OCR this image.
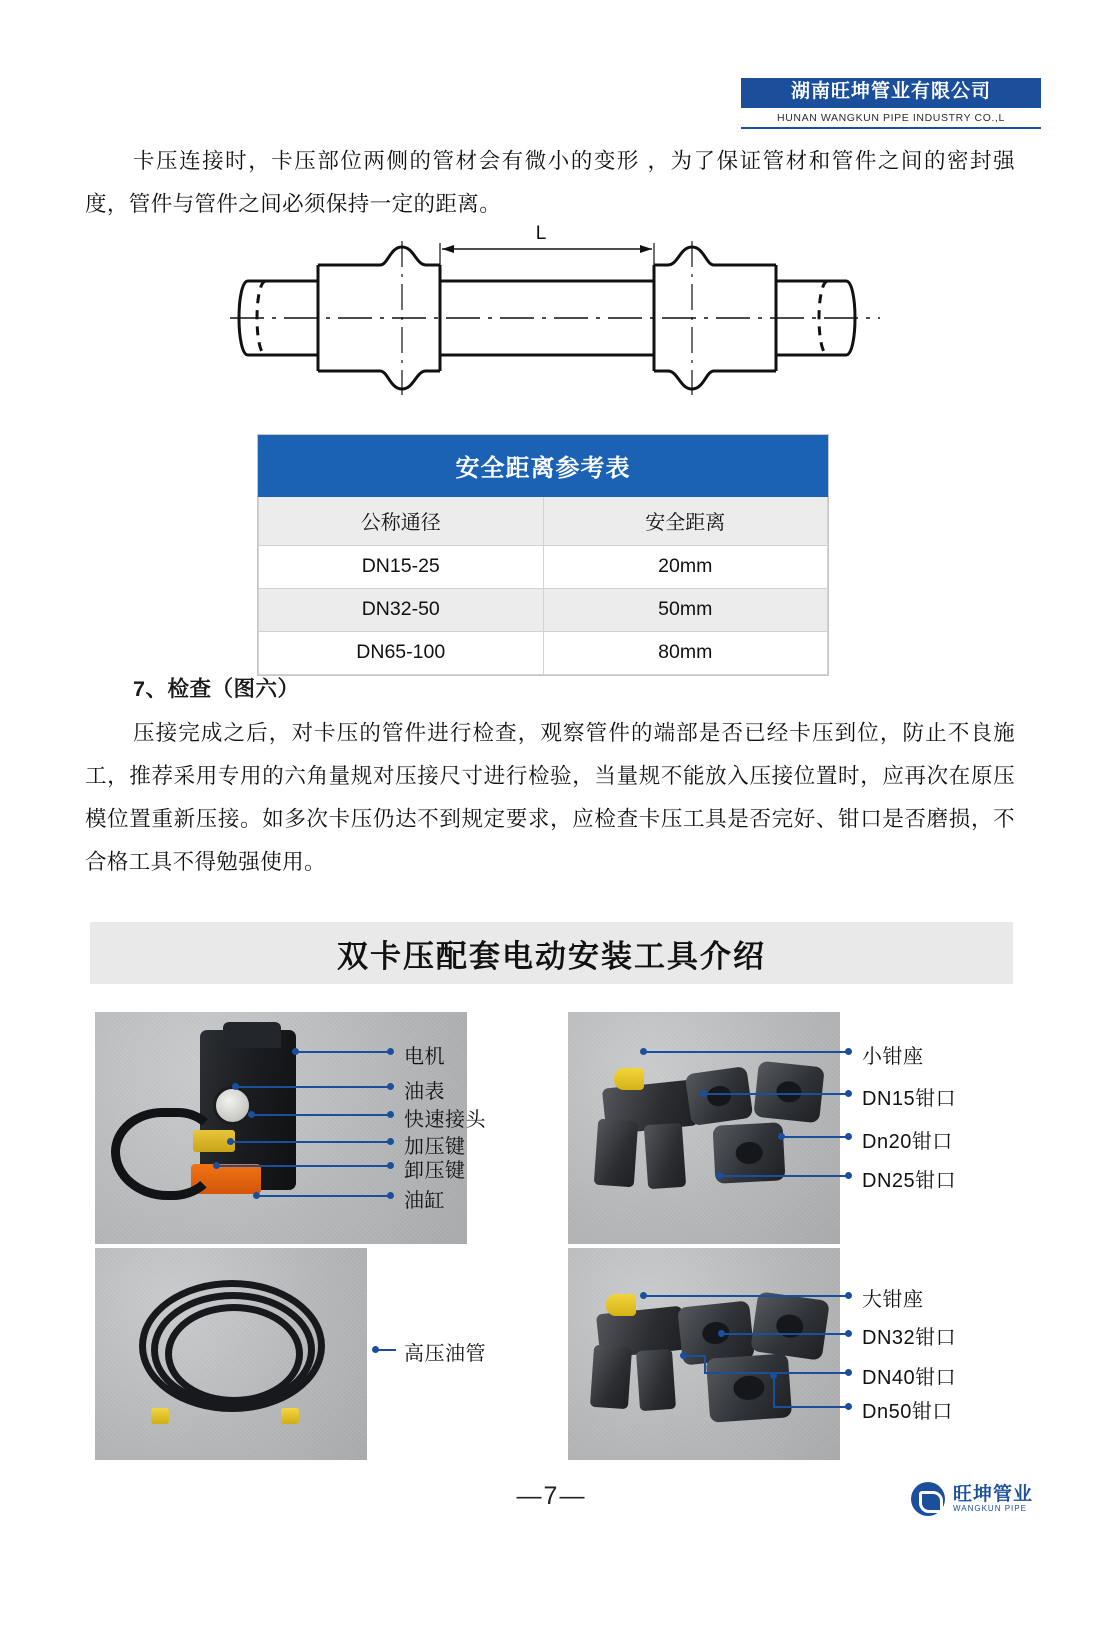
湖南旺坤管业有限公司
HUNAN WANGKUN PIPE INDUSTRY CO.,L
卡压连接时，卡压部位两侧的管材会有微小的变形 ，为了保证管材和管件之间的密封强度，管件与管件之间必须保持一定的距离。
L
安全距离参考表	
公称通径	安全距离
DN15-25	20mm
DN32-50	50mm
DN65-100	80mm
7、检查（图六）
压接完成之后，对卡压的管件进行检查，观察管件的端部是否已经卡压到位，防止不良施工，推荐采用专用的六角量规对压接尺寸进行检验，当量规不能放入压接位置时，应再次在原压模位置重新压接。如多次卡压仍达不到规定要求，应检查卡压工具是否完好、钳口是否磨损，不合格工具不得勉强使用。
双卡压配套电动安装工具介绍
电机
油表
快速接头
加压键
卸压键
油缸
小钳座
DN15钳口
Dn20钳口
DN25钳口
高压油管
大钳座
DN32钳口
DN40钳口
Dn50钳口
—7—	旺坤管业
WANGKUN PIPE
